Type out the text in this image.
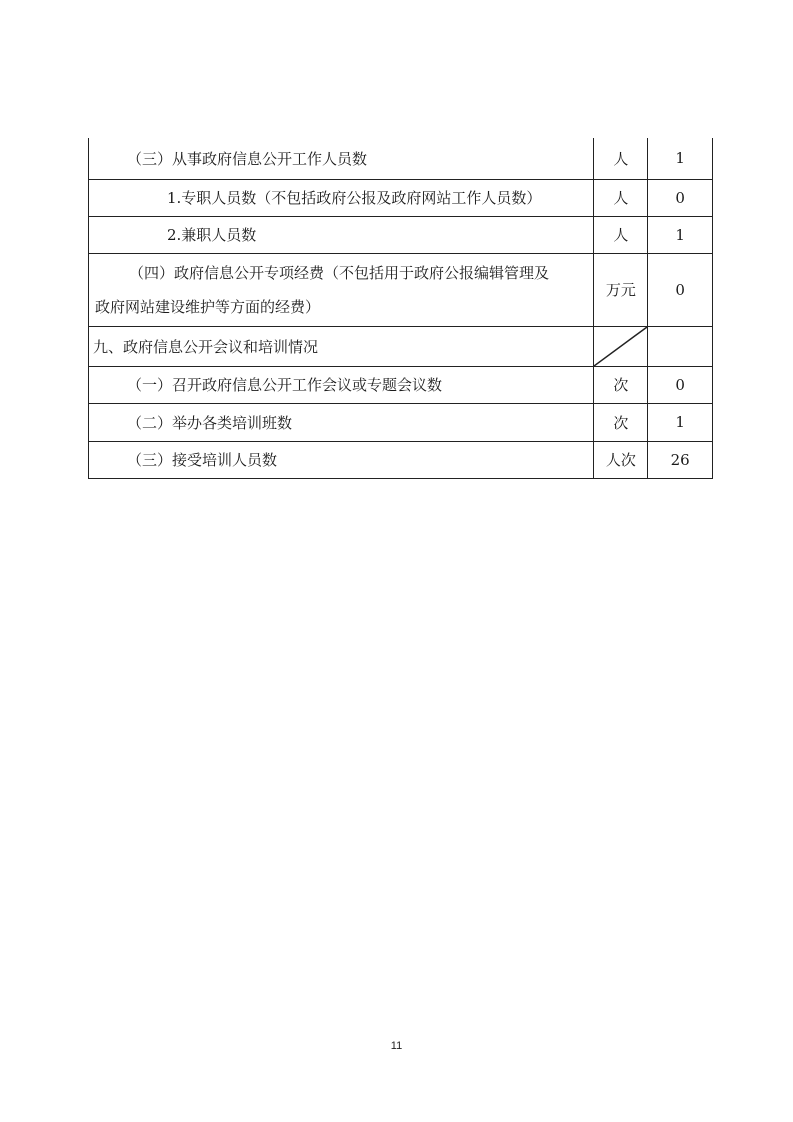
（三）从事政府信息公开工作人员数	人	1
1.专职人员数（不包括政府公报及政府网站工作人员数）	人	0
2.兼职人员数	人	1

（四）政府信息公开专项经费（不包括用于政府公报编辑管理及
政府网站建设维护等方面的经费）	万元	0
九、政府信息公开会议和培训情况	

（一）召开政府信息公开工作会议或专题会议数	次	0
（二）举办各类培训班数	次	1
（三）接受培训人员数	人次	26
11
